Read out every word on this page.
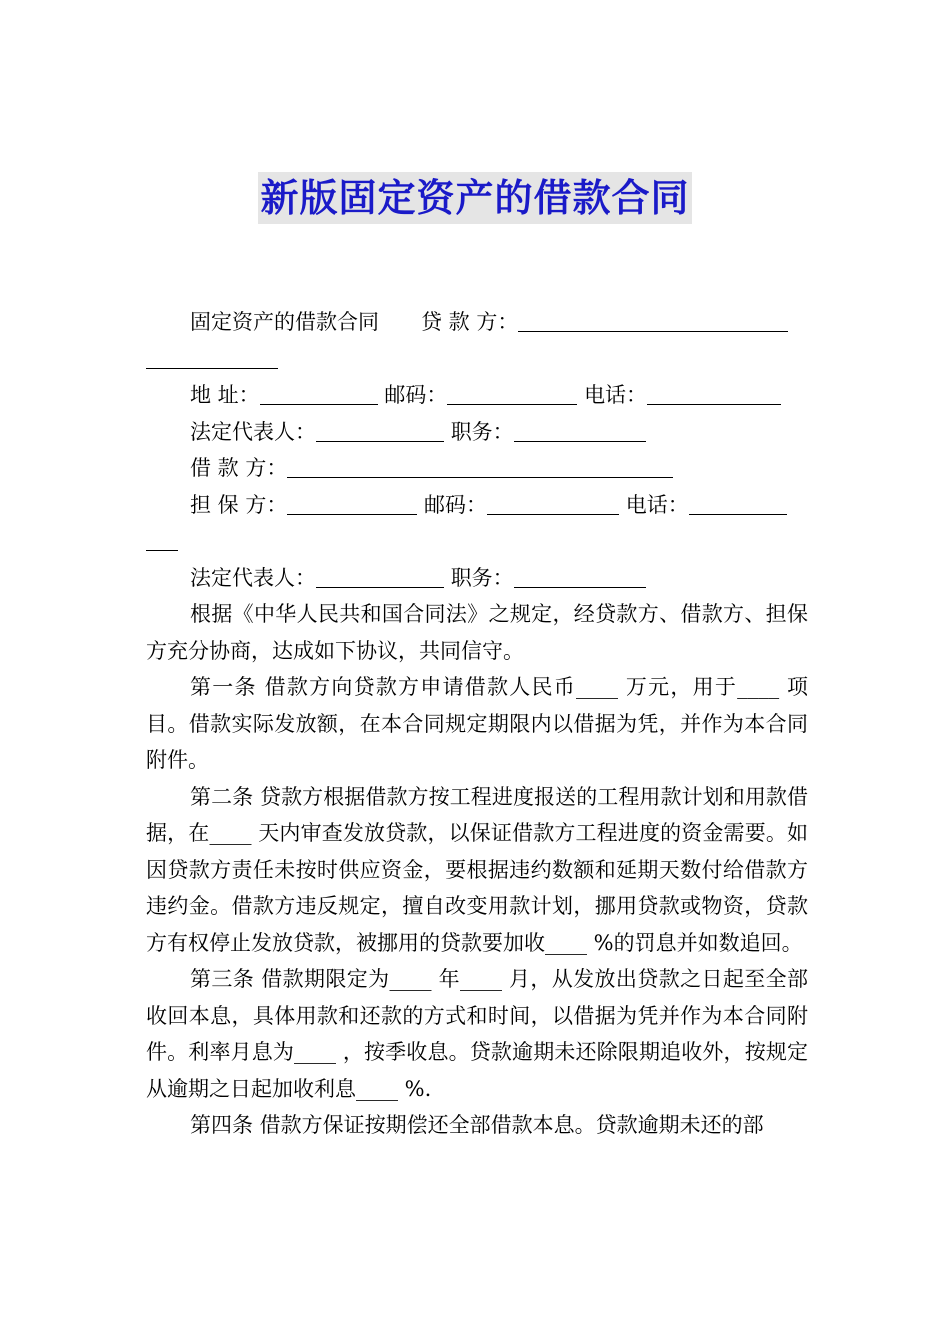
新版固定资产的借款合同
固定资产的借款合同　　贷 款 方：
地 址：	邮码：	电话：
法定代表人：	职务：
借 款 方：
担 保 方：	邮码：	电话：
法定代表人：	职务：
根据《中华人民共和国合同法》之规定，经贷款方、借款方、担保方充分协商，达成如下协议，共同信守。
第一条 借款方向贷款方申请借款人民币____ 万元，用于____ 项目。借款实际发放额，在本合同规定期限内以借据为凭，并作为本合同附件。
第二条 贷款方根据借款方按工程进度报送的工程用款计划和用款借据，在____ 天内审查发放贷款，以保证借款方工程进度的资金需要。如因贷款方责任未按时供应资金，要根据违约数额和延期天数付给借款方违约金。借款方违反规定，擅自改变用款计划，挪用贷款或物资，贷款方有权停止发放贷款，被挪用的贷款要加收____ %的罚息并如数追回。
第三条 借款期限定为____ 年____ 月，从发放出贷款之日起至全部收回本息，具体用款和还款的方式和时间，以借据为凭并作为本合同附件。利率月息为____ ，按季收息。贷款逾期未还除限期追收外，按规定从逾期之日起加收利息____ %.
第四条 借款方保证按期偿还全部借款本息。贷款逾期未还的部
